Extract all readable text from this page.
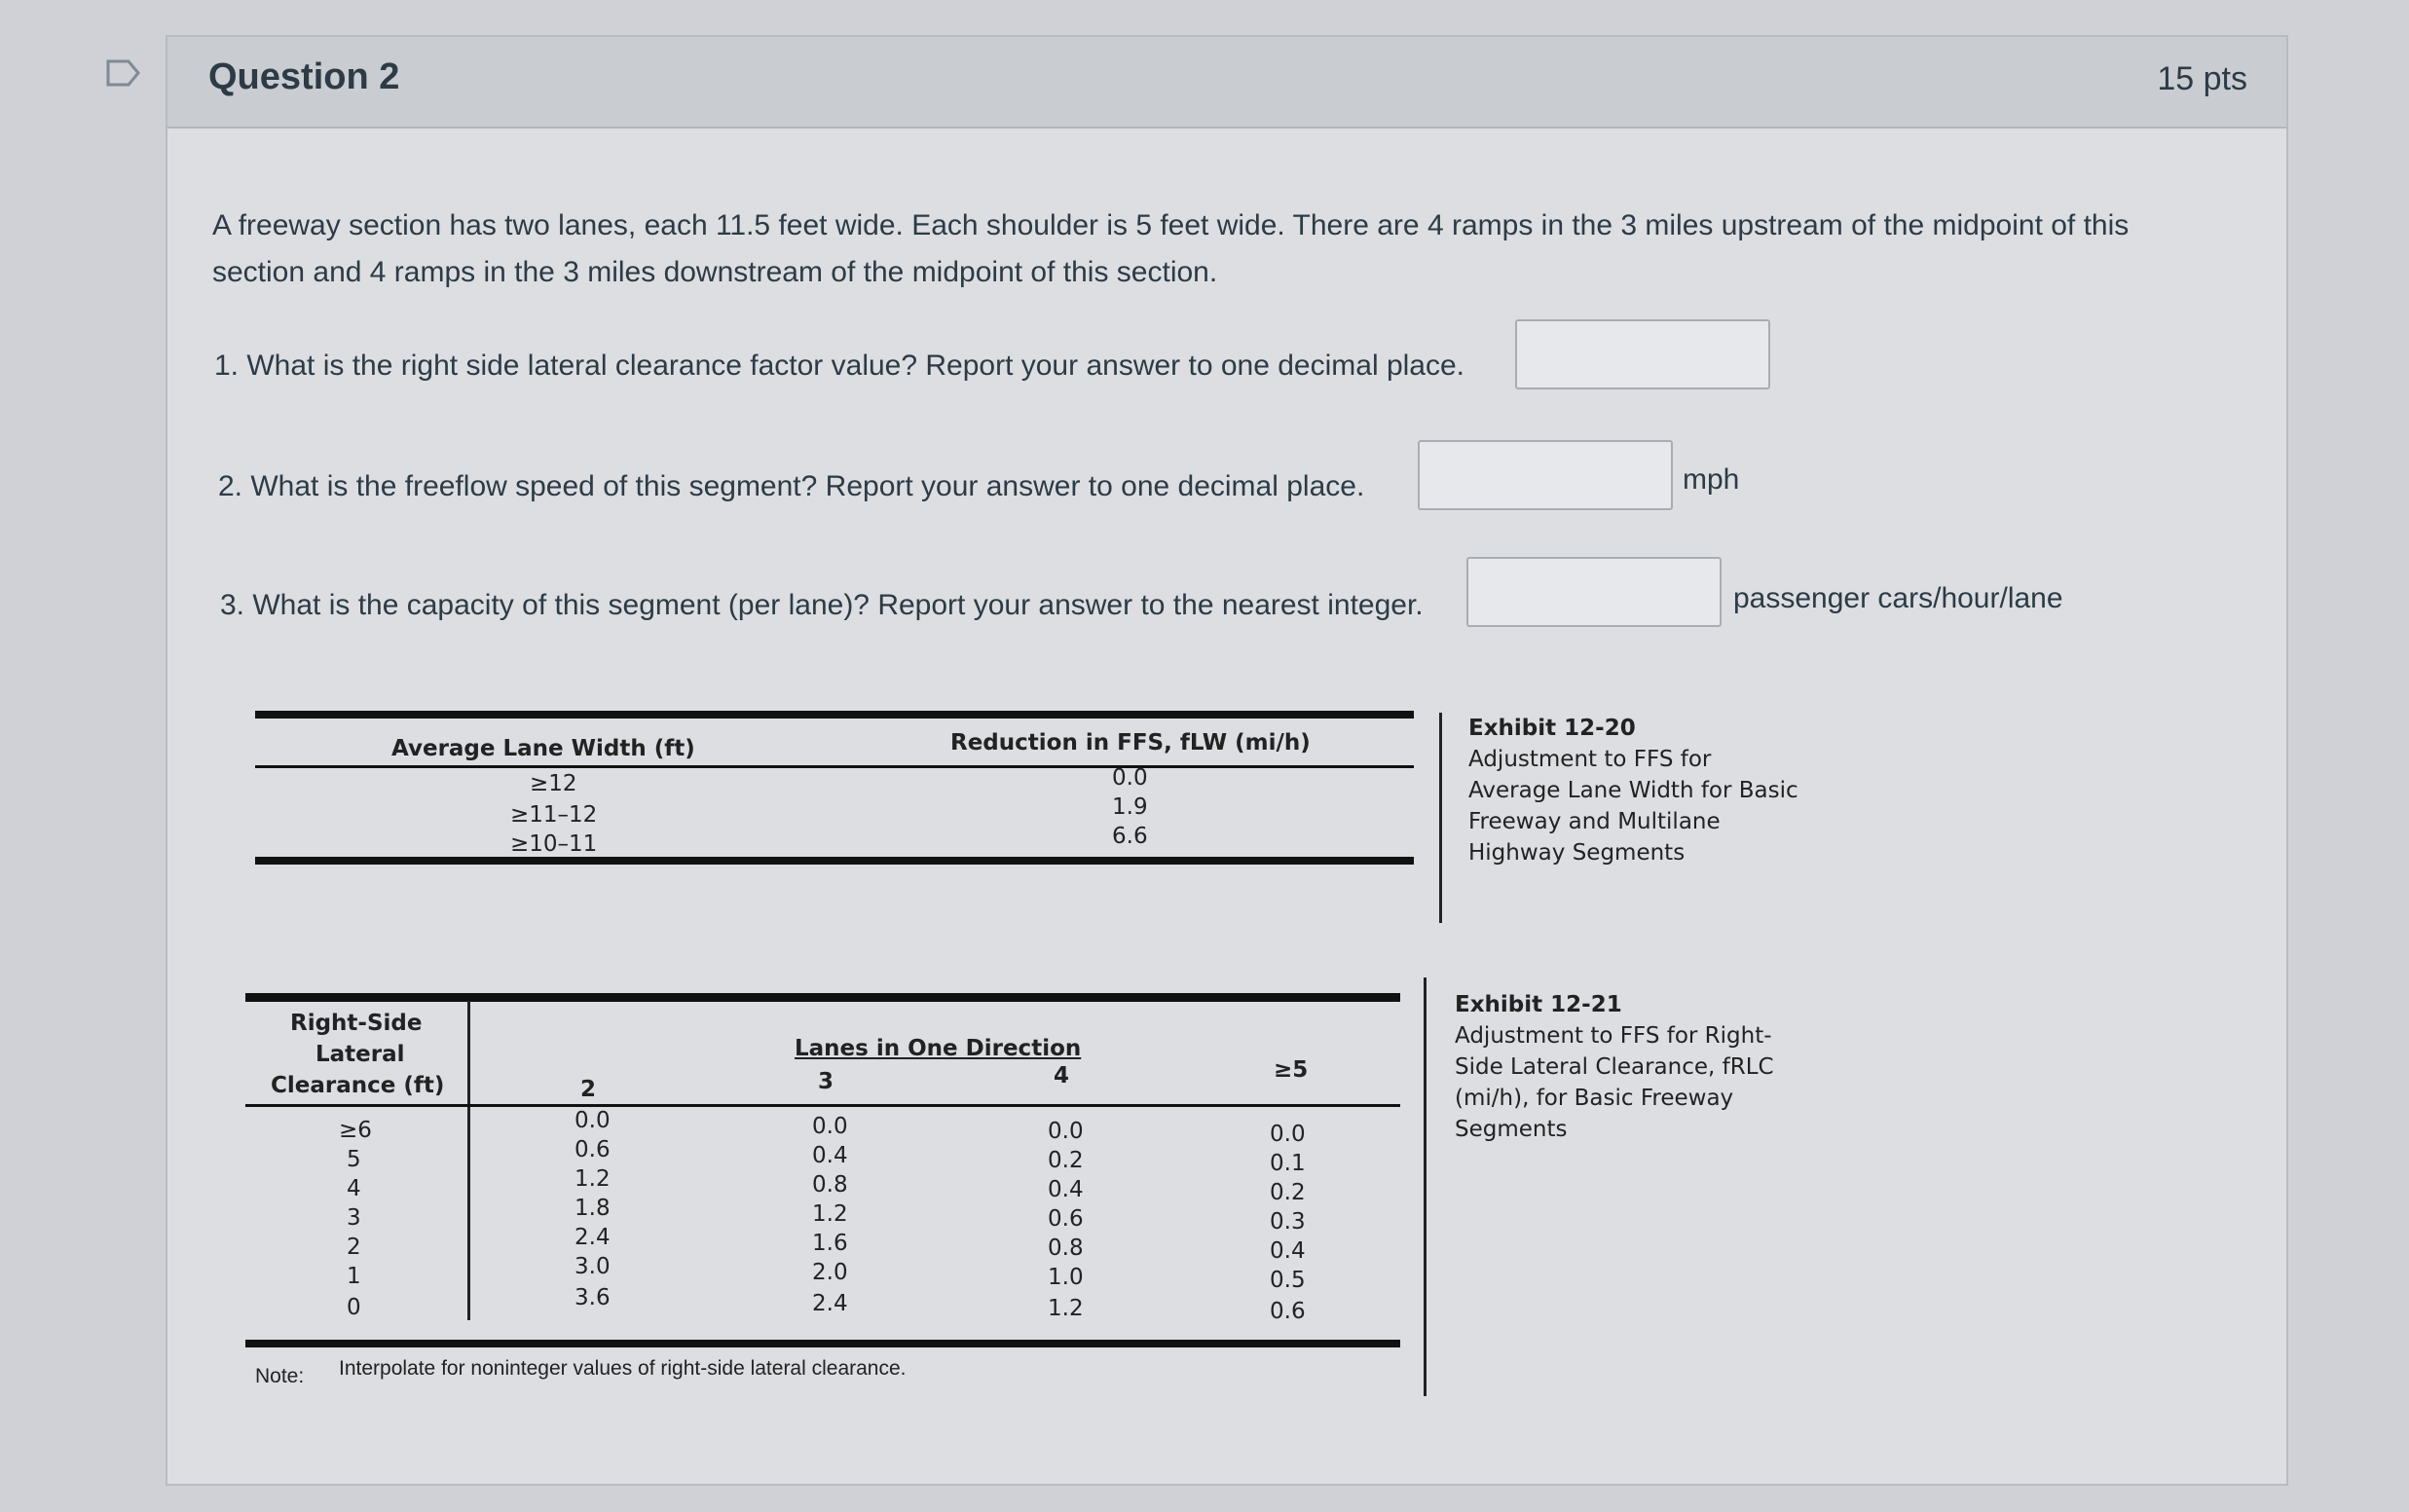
Question 2	15 pts
A freeway section has two lanes, each 11.5 feet wide. Each shoulder is 5 feet wide. There are 4 ramps in the 3 miles upstream of the midpoint of this
section and 4 ramps in the 3 miles downstream of the midpoint of this section.
1. What is the right side lateral clearance factor value? Report your answer to one decimal place.
2. What is the freeflow speed of this segment? Report your answer to one decimal place.	mph
3. What is the capacity of this segment (per lane)? Report your answer to the nearest integer.	passenger cars/hour/lane
Average Lane Width (ft)	Reduction in FFS, fLW (mi/h)
≥12	0.0
≥11–12	1.9
≥10–11	6.6
Exhibit 12-20
Adjustment to FFS for
Average Lane Width for Basic
Freeway and Multilane
Highway Segments
Right-Side
Lateral
Clearance (ft)
Lanes in One Direction
2	3	4	≥5
≥6	0.0	0.0	0.0	0.0
5	0.6	0.4	0.2	0.1
4	1.2	0.8	0.4	0.2
3	1.8	1.2	0.6	0.3
2	2.4	1.6	0.8	0.4
1	3.0	2.0	1.0	0.5
0	3.6	2.4	1.2	0.6
Note: Interpolate for noninteger values of right-side lateral clearance.
Exhibit 12-21
Adjustment to FFS for Right-
Side Lateral Clearance, fRLC
(mi/h), for Basic Freeway
Segments
